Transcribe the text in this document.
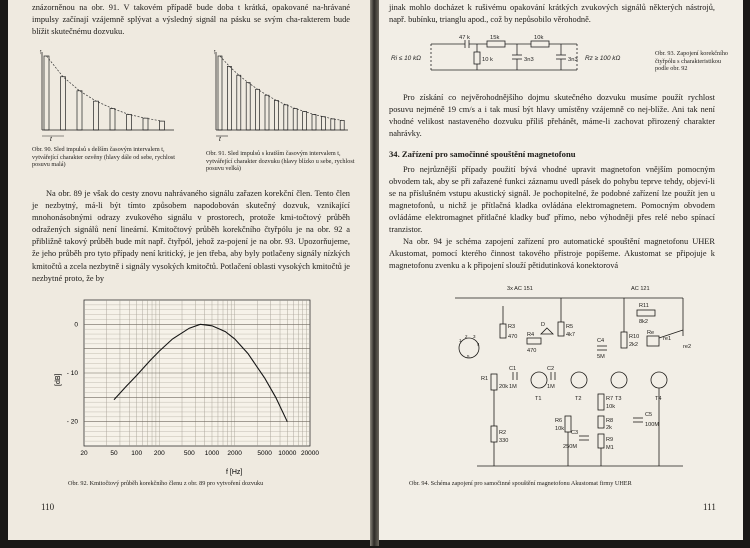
znázorněnou na obr. 91. V takovém případě bude doba t krátká, opakované na-hrávané impulsy začínají vzájemně splývat a výsledný signál na pásku se svým cha-rakterem bude blížit skutečnému dozvuku.

↑
t
↑
t

Obr. 90. Sled impulsů s delším časovým intervalem t, vytvářející charakter ozvěny (hlavy dále od sebe, rychlost posuvu malá)

Obr. 91. Sled impulsů s kratším časovým intervalem t, vytvářející charakter dozvuku (hlavy blízko u sebe, rychlost posuvu velká)

Na obr. 89 je však do cesty znovu nahrávaného signálu zařazen korekční člen. Tento člen je nezbytný, má-li být tímto způsobem napodobován skutečný dozvuk, vznikající mnohonásobnými odrazy zvukového signálu v prostorech, protože kmi-točtový průběh odražených signálů není lineární. Kmitočtový průběh korekčního čtyřpólu je na obr. 92 a přibližně takový průběh bude mít např. čtyřpól, jehož za-pojení je na obr. 93. Upozorňujeme, že jeho průběh pro tyto případy není kritický, je jen třeba, aby byly potlačeny signály nízkých kmitočtů a zcela nezbytně i signály vysokých kmitočtů. Potlačení oblasti vysokých kmitočtů je nezbytné proto, že by

0
- 10
- 20
20	50 100 200	500 1000 2000 5000 10000 20000
[dB]
f [Hz]

Obr. 92. Kmitočtový průběh korekčního členu z obr. 89 pro vytvoření dozvuku

110

jinak mohlo docházet k rušivému opakování krátkých zvukových signálů některých nástrojů, např. bubínku, trianglu apod., což by nepůsobilo věrohodně.

47 k	15k	10k
10 k	3n3	3n3
Ri ≤ 10 kΩ	Rz ≥ 100 kΩ

Obr. 93. Zapojení korekčního čtyřpólu s charakteristikou podle obr. 92

Pro získání co nejvěrohodnějšího dojmu skutečného dozvuku musíme použít rychlost posuvu nejméně 19 cm/s a i tak musí být hlavy umístěny vzájemně co nej-blíže. Ani tak není vhodné velikost nastaveného dozvuku příliš přehánět, máme-li zachovat přirozený charakter nahrávky.

34. Zařízení pro samočinné spouštění magnetofonu

Pro nejrůznější případy použití bývá vhodné upravit magnetofon vnějším pomocným obvodem tak, aby se při zařazené funkci záznamu uvedl pásek do pohybu teprve tehdy, objeví-li se na příslušném vstupu akustický signál. Je pochopitelné, že podobné zařízení lze použít jen u magnetofonů, u nichž je přítlačná kladka ovládána elektromagnetem. Pomocným obvodem ovládáme elektromagnet přítlačné kladky buď přímo, nebo výhodněji přes relé nebo spínací tranzistor.

Na obr. 94 je schéma zapojení zařízení pro automatické spouštění magnetofonu UHER Akustomat, pomocí kterého činnost takového přístroje popíšeme. Akustomat se připojuje k magnetofonu zvenku a k připojení slouží pětidutinková konektorová

3x AC 151	AC 121
R3
470
R5
4k7
R4
470
D
C1
1M
C2
1M
C4
5M
R1
20k
R2
330
R6
10k
R7
10k
R8
2k
R9
M1
R10
2k2
R11
8k2
C3
250M
C5
100M
Re
re1
re2
T1	T2	T3	T4
1
2 3
4
5

Obr. 94. Schéma zapojení pro samočinné spouštění magnetofonu Akustomat firmy UHER

111
